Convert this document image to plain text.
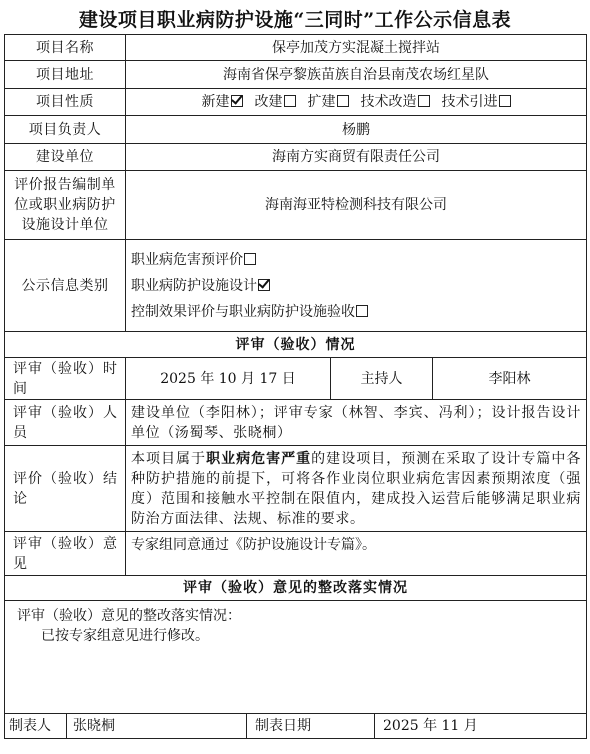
建设项目职业病防护设施“三同时”工作公示信息表
项目名称	保亭加茂方实混凝土搅拌站		
项目地址	海南省保亭黎族苗族自治县南茂农场红星队		
项目性质	新建 改建 扩建 技术改造 技术引进		
项目负责人	杨鹏		
建设单位	海南方实商贸有限责任公司		
评价报告编制单位或职业病防护设施设计单位	海南海亚特检测科技有限公司		
公示信息类别	职业病危害预评价
职业病防护设施设计
控制效果评价与职业病防护设施验收		

评审（验收）情况			
评审（验收）时间	2025 年 10 月 17 日	主持人	李阳林
评审（验收）人员	建设单位（李阳林）；评审专家（林智、李宾、冯利）；设计报告设计单位（汤蜀琴、张晓桐）		
评价（验收）结论	本项目属于职业病危害严重的建设项目，预测在采取了设计专篇中各种防护措施的前提下，可将各作业岗位职业病危害因素预期浓度（强度）范围和接触水平控制在限值内，建成投入运营后能够满足职业病防治方面法律、法规、标准的要求。		
评审（验收）意见	专家组同意通过《防护设施设计专篇》。		
评审（验收）意见的整改落实情况			

评审（验收）意见的整改落实情况：
已按专家组意见进行修改。			

制表人 张晓桐 制表日期 2025 年 11 月			
